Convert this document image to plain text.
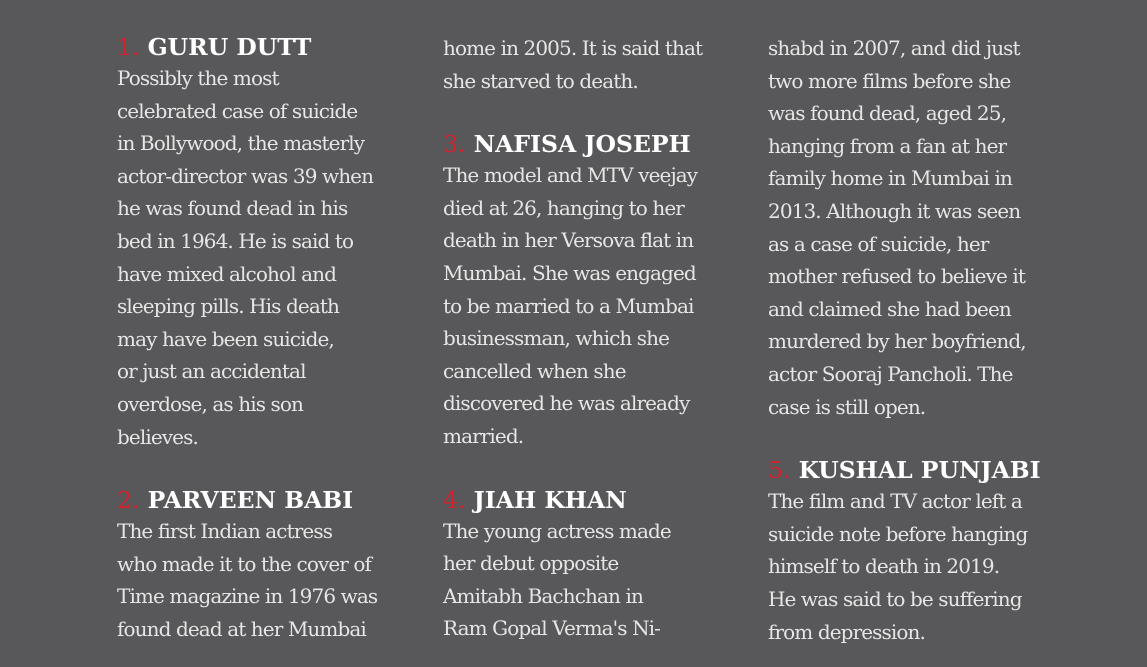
1. GURU DUTT
Possibly the most
celebrated case of suicide
in Bollywood, the masterly
actor-director was 39 when
he was found dead in his
bed in 1964. He is said to
have mixed alcohol and
sleeping pills. His death
may have been suicide,
or just an accidental
overdose, as his son
believes.
2. PARVEEN BABI
The first Indian actress
who made it to the cover of
Time magazine in 1976 was
found dead at her Mumbai
home in 2005. It is said that
she starved to death.
3. NAFISA JOSEPH
The model and MTV veejay
died at 26, hanging to her
death in her Versova flat in
Mumbai. She was engaged
to be married to a Mumbai
businessman, which she
cancelled when she
discovered he was already
married.
4. JIAH KHAN
The young actress made
her debut opposite
Amitabh Bachchan in
Ram Gopal Verma's Ni-
shabd in 2007, and did just
two more films before she
was found dead, aged 25,
hanging from a fan at her
family home in Mumbai in
2013. Although it was seen
as a case of suicide, her
mother refused to believe it
and claimed she had been
murdered by her boyfriend,
actor Sooraj Pancholi. The
case is still open.
5. KUSHAL PUNJABI
The film and TV actor left a
suicide note before hanging
himself to death in 2019.
He was said to be suffering
from depression.
